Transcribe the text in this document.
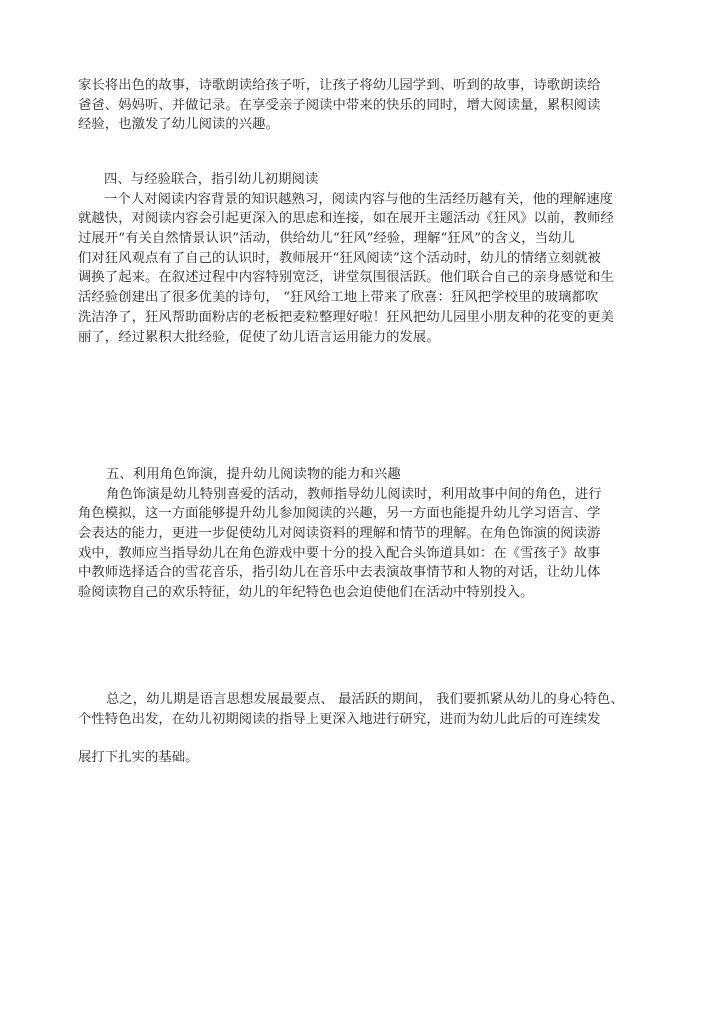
家长将出色的故事，诗歌朗读给孩子听，让孩子将幼儿园学到、听到的故事，诗歌朗读给
爸爸、妈妈听、并做记录。在享受亲子阅读中带来的快乐的同时，增大阅读量，累积阅读
经验，也激发了幼儿阅读的兴趣。
四、与经验联合，指引幼儿初期阅读
一个人对阅读内容背景的知识越熟习，阅读内容与他的生活经历越有关，他的理解速度
就越快，对阅读内容会引起更深入的思虑和连接，如在展开主题活动《狂风》以前，教师经
过展开“有关自然情景认识”活动，供给幼儿“狂风”经验，理解“狂风”的含义，当幼儿
们对狂风观点有了自己的认识时，教师展开“狂风阅读”这个活动时，幼儿的情绪立刻就被
调换了起来。在叙述过程中内容特别宽泛，讲堂氛围很活跃。他们联合自己的亲身感觉和生
活经验创建出了很多优美的诗句， “狂风给工地上带来了欣喜：狂风把学校里的玻璃都吹
洗洁净了，狂风帮助面粉店的老板把麦粒整理好啦！狂风把幼儿园里小朋友种的花变的更美
丽了，经过累积大批经验，促使了幼儿语言运用能力的发展。
五、利用角色饰演，提升幼儿阅读物的能力和兴趣
角色饰演是幼儿特别喜爱的活动，教师指导幼儿阅读时，利用故事中间的角色，进行
角色模拟，这一方面能够提升幼儿参加阅读的兴趣，另一方面也能提升幼儿学习语言、学
会表达的能力，更进一步促使幼儿对阅读资料的理解和情节的理解。在角色饰演的阅读游
戏中，教师应当指导幼儿在角色游戏中要十分的投入配合头饰道具如：在《雪孩子》故事
中教师选择适合的雪花音乐，指引幼儿在音乐中去表演故事情节和人物的对话，让幼儿体
验阅读物自己的欢乐特征，幼儿的年纪特色也会迫使他们在活动中特别投入。
总之，幼儿期是语言思想发展最要点、 最活跃的期间， 我们要抓紧从幼儿的身心特色、
个性特色出发，在幼儿初期阅读的指导上更深入地进行研究，进而为幼儿此后的可连续发
展打下扎实的基础。
